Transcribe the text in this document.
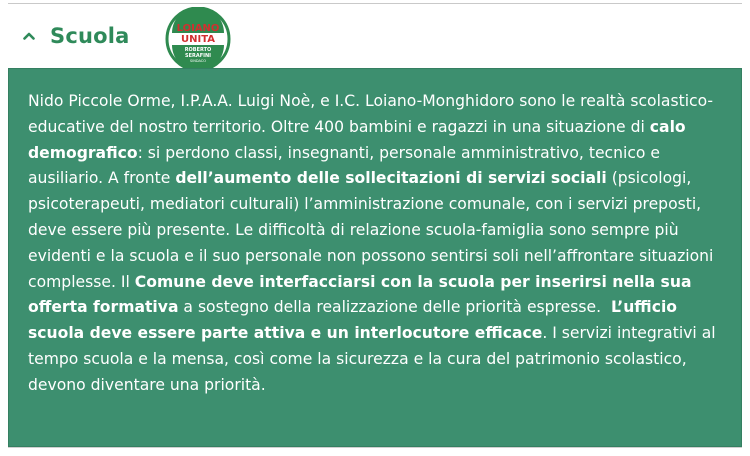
Scuola	LOIANO
UNITA
ROBERTO
SERAFINI
SINDACO

Nido Piccole Orme, I.P.A.A. Luigi Noè, e I.C. Loiano-Monghidoro sono le realtà scolastico-educative del nostro territorio. Oltre 400 bambini e ragazzi in una situazione di calo demografico: si perdono classi, insegnanti, personale amministrativo, tecnico e ausiliario. A fronte dell’aumento delle sollecitazioni di servizi sociali (psicologi, psicoterapeuti, mediatori culturali) l’amministrazione comunale, con i servizi preposti, deve essere più presente. Le difficoltà di relazione scuola-famiglia sono sempre più evidenti e la scuola e il suo personale non possono sentirsi soli nell’affrontare situazioni complesse. Il Comune deve interfacciarsi con la scuola per inserirsi nella sua offerta formativa a sostegno della realizzazione delle priorità espresse.  L’ufficio scuola deve essere parte attiva e un interlocutore efficace. I servizi integrativi al tempo scuola e la mensa, così come la sicurezza e la cura del patrimonio scolastico, devono diventare una priorità.
